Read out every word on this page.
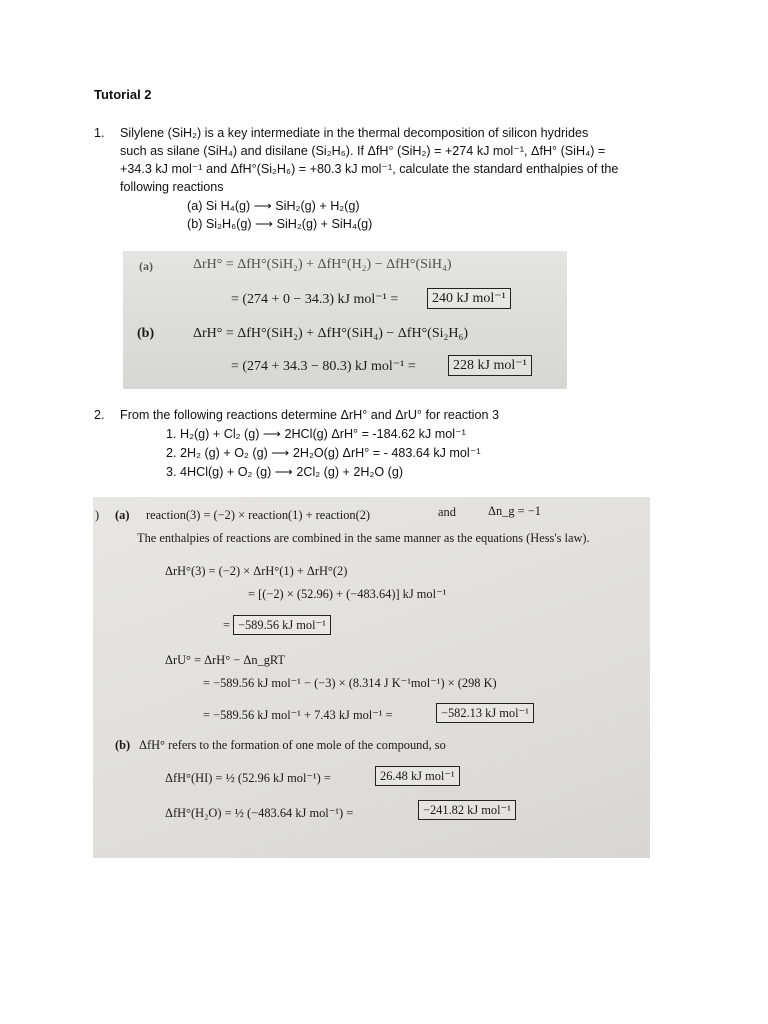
Tutorial 2
1. Silylene (SiH₂) is a key intermediate in the thermal decomposition of silicon hydrides
such as silane (SiH₄) and disilane (Si₂H₆). If ΔfH° (SiH₂) = +274 kJ mol⁻¹, ΔfH° (SiH₄) =
+34.3 kJ mol⁻¹ and ΔfH°(Si₂H₆) = +80.3 kJ mol⁻¹, calculate the standard enthalpies of the
following reactions
(a) Si H₄(g) ⟶ SiH₂(g) + H₂(g)
(b) Si₂H₆(g) ⟶ SiH₂(g) + SiH₄(g)
(a)	ΔrH° = ΔfH°(SiH₂) + ΔfH°(H₂) − ΔfH°(SiH₄)
= (274 + 0 − 34.3) kJ mol⁻¹ =	240 kJ mol⁻¹
(b)	ΔrH° = ΔfH°(SiH₂) + ΔfH°(SiH₄) − ΔfH°(Si₂H₆)
= (274 + 34.3 − 80.3) kJ mol⁻¹ =	228 kJ mol⁻¹
2. From the following reactions determine ΔrH° and ΔrU° for reaction 3
1. H₂(g) + Cl₂ (g) ⟶ 2HCl(g) ΔrH° = -184.62 kJ mol⁻¹
2. 2H₂ (g) + O₂ (g) ⟶ 2H₂O(g) ΔrH° = - 483.64 kJ mol⁻¹
3. 4HCl(g) + O₂ (g) ⟶ 2Cl₂ (g) + 2H₂O (g)
) (a) reaction(3) = (−2) × reaction(1) + reaction(2)	and	Δn_g = −1
The enthalpies of reactions are combined in the same manner as the equations (Hess's law).
ΔrH°(3) = (−2) × ΔrH°(1) + ΔrH°(2)
= [(−2) × (52.96) + (−483.64)] kJ mol⁻¹
= −589.56 kJ mol⁻¹
ΔrU° = ΔrH° − Δn_gRT
= −589.56 kJ mol⁻¹ − (−3) × (8.314 J K⁻¹mol⁻¹) × (298 K)
= −589.56 kJ mol⁻¹ + 7.43 kJ mol⁻¹ =	−582.13 kJ mol⁻¹
(b) ΔfH° refers to the formation of one mole of the compound, so
ΔfH°(HI) = ½ (52.96 kJ mol⁻¹) =	26.48 kJ mol⁻¹
ΔfH°(H₂O) = ½ (−483.64 kJ mol⁻¹) =	−241.82 kJ mol⁻¹
